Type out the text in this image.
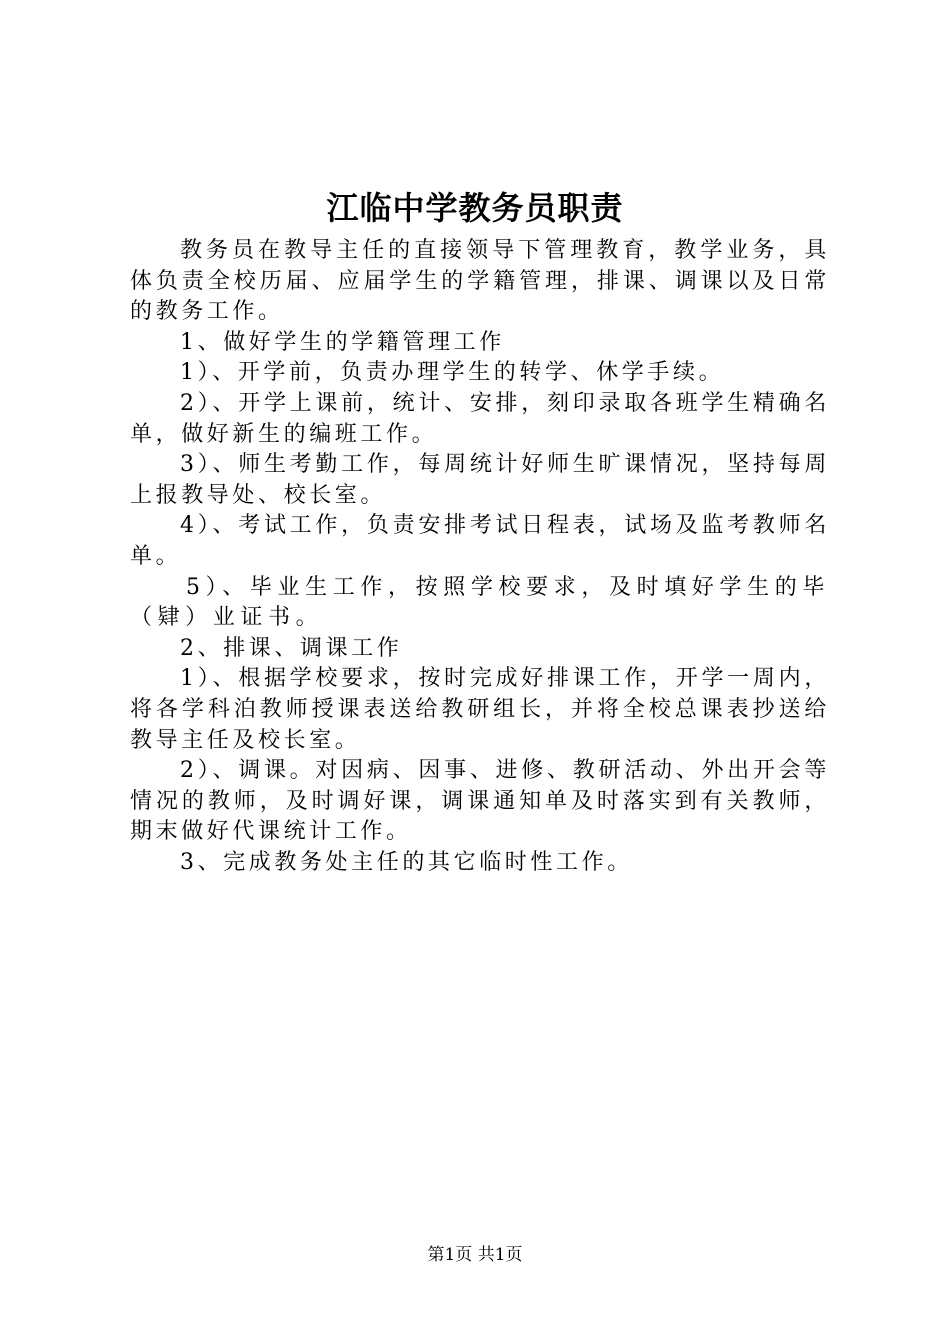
江临中学教务员职责

教务员在教导主任的直接领导下管理教育，教学业务，具体负责全校历届、应届学生的学籍管理，排课、调课以及日常的教务工作。

1、做好学生的学籍管理工作

1）、开学前，负责办理学生的转学、休学手续。

2）、开学上课前，统计、安排，刻印录取各班学生精确名单，做好新生的编班工作。

3）、师生考勤工作，每周统计好师生旷课情况，坚持每周上报教导处、校长室。

4）、考试工作，负责安排考试日程表，试场及监考教师名单。

5）、毕业生工作，按照学校要求，及时填好学生的毕（肄）业证书。

2、排课、调课工作

1）、根据学校要求，按时完成好排课工作，开学一周内，将各学科泊教师授课表送给教研组长，并将全校总课表抄送给教导主任及校长室。

2）、调课。对因病、因事、进修、教研活动、外出开会等情况的教师，及时调好课，调课通知单及时落实到有关教师，期末做好代课统计工作。

3、完成教务处主任的其它临时性工作。

第1页 共1页
